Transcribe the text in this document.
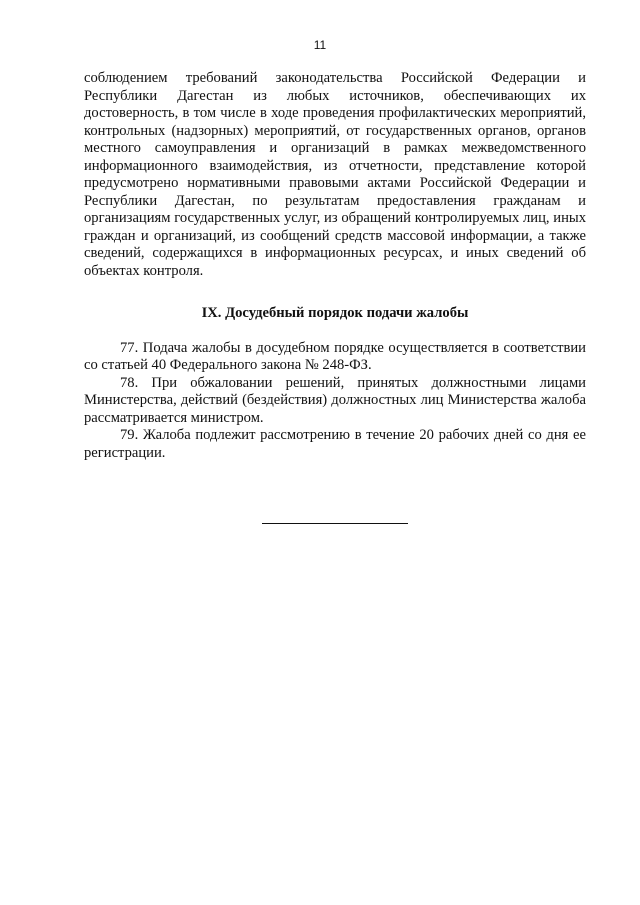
11

соблюдением требований законодательства Российской Федерации и Республики Дагестан из любых источников, обеспечивающих их достоверность, в том числе в ходе проведения профилактических мероприятий, контрольных (надзорных) мероприятий, от государственных органов, органов местного самоуправления и организаций в рамках межведомственного информационного взаимодействия, из отчетности, представление которой предусмотрено нормативными правовыми актами Российской Федерации и Республики Дагестан, по результатам предоставления гражданам и организациям государственных услуг, из обращений контролируемых лиц, иных граждан и организаций, из сообщений средств массовой информации, а также сведений, содержащихся в информационных ресурсах, и иных сведений об объектах контроля.

IX. Досудебный порядок подачи жалобы

77. Подача жалобы в досудебном порядке осуществляется в соответствии со статьей 40 Федерального закона № 248-ФЗ.

78. При обжаловании решений, принятых должностными лицами Министерства, действий (бездействия) должностных лиц Министерства жалоба рассматривается министром.

79. Жалоба подлежит рассмотрению в течение 20 рабочих дней со дня ее регистрации.
